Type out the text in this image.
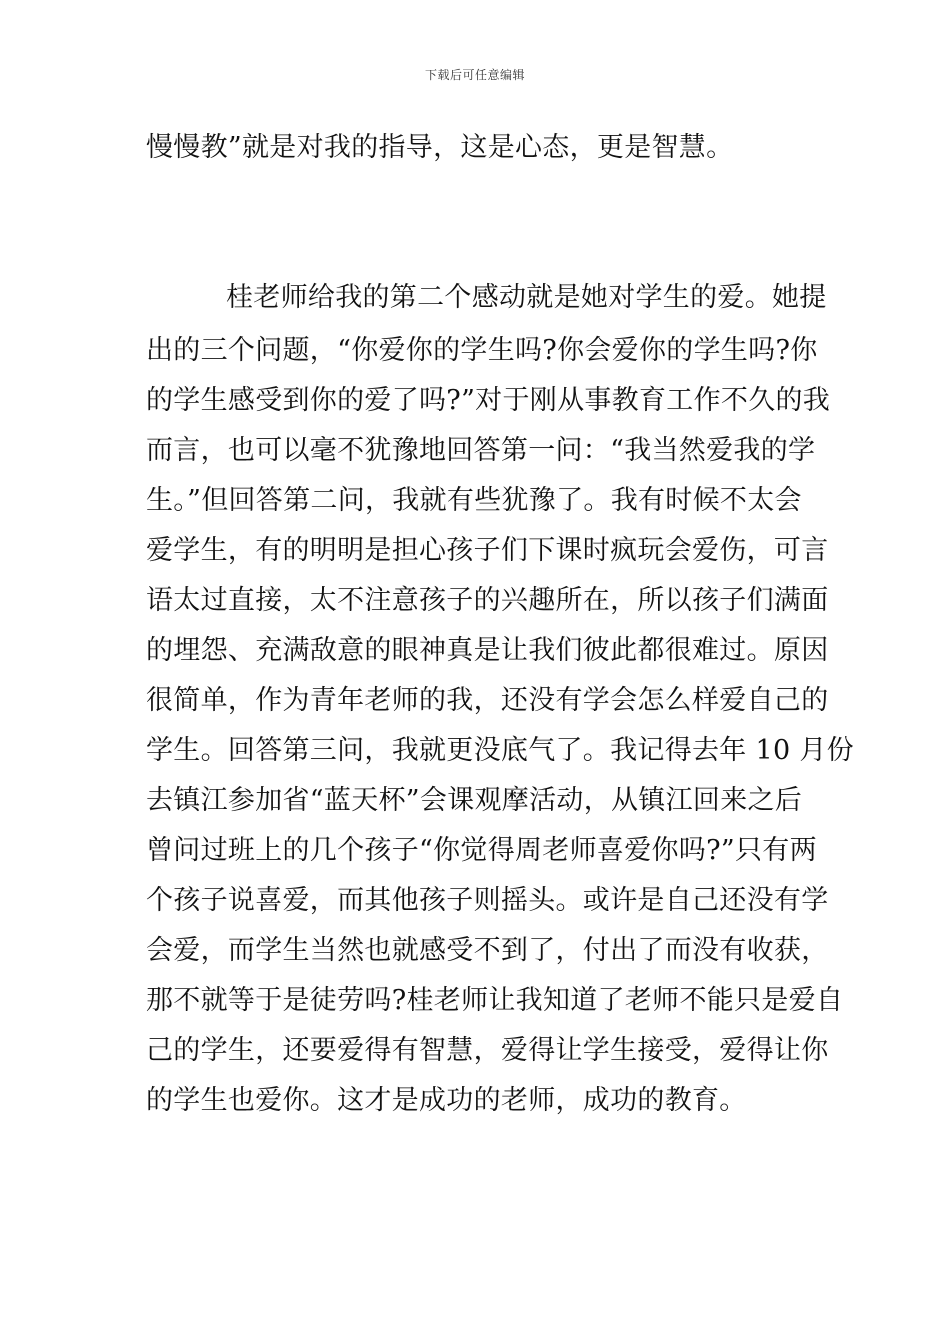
下载后可任意编辑
慢慢教”就是对我的指导，这是心态，更是智慧。
桂老师给我的第二个感动就是她对学生的爱。她提
出的三个问题，“你爱你的学生吗?你会爱你的学生吗?你
的学生感受到你的爱了吗?”对于刚从事教育工作不久的我
而言，也可以毫不犹豫地回答第一问：“我当然爱我的学
生。”但回答第二问，我就有些犹豫了。我有时候不太会
爱学生，有的明明是担心孩子们下课时疯玩会爱伤，可言
语太过直接，太不注意孩子的兴趣所在，所以孩子们满面
的埋怨、充满敌意的眼神真是让我们彼此都很难过。原因
很简单，作为青年老师的我，还没有学会怎么样爱自己的
学生。回答第三问，我就更没底气了。我记得去年 10 月份
去镇江参加省“蓝天杯”会课观摩活动，从镇江回来之后
曾问过班上的几个孩子“你觉得周老师喜爱你吗?”只有两
个孩子说喜爱，而其他孩子则摇头。或许是自己还没有学
会爱，而学生当然也就感受不到了，付出了而没有收获，
那不就等于是徒劳吗?桂老师让我知道了老师不能只是爱自
己的学生，还要爱得有智慧，爱得让学生接受，爱得让你
的学生也爱你。这才是成功的老师，成功的教育。
